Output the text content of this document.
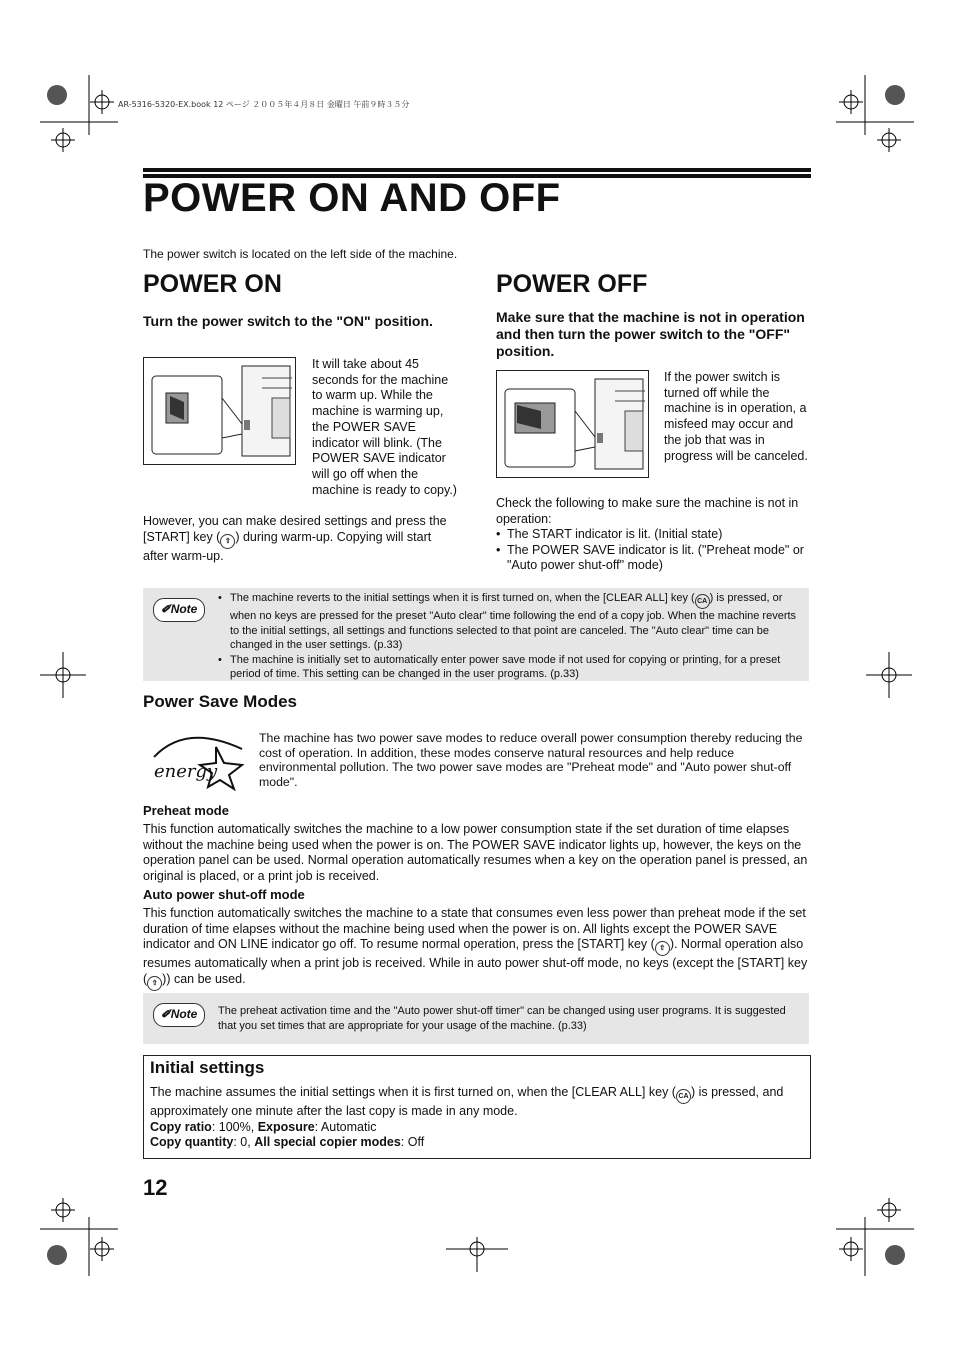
AR-5316-5320-EX.book 12 ページ ２００５年４月８日 金曜日 午前９時３５分
POWER ON AND OFF
The power switch is located on the left side of the machine.
POWER ON
Turn the power switch to the "ON" position.
It will take about 45 seconds for the machine to warm up. While the machine is warming up, the POWER SAVE indicator will blink. (The POWER SAVE indicator will go off when the machine is ready to copy.)
However, you can make desired settings and press the [START] key ( ⇧ ) during warm-up. Copying will start after warm-up.
POWER OFF
Make sure that the machine is not in operation and then turn the power switch to the "OFF" position.
If the power switch is turned off while the machine is in operation, a misfeed may occur and the job that was in progress will be canceled.
Check the following to make sure the machine is not in operation:
• The START indicator is lit. (Initial state)
• The POWER SAVE indicator is lit. ("Preheat mode" or "Auto power shut-off" mode)
✐Note
• The machine reverts to the initial settings when it is first turned on, when the [CLEAR ALL] key ( CA ) is pressed, or when no keys are pressed for the preset "Auto clear" time following the end of a copy job. When the machine reverts to the initial settings, all settings and functions selected to that point are canceled. The "Auto clear" time can be changed in the user settings. (p.33)
• The machine is initially set to automatically enter power save mode if not used for copying or printing, for a preset period of time. This setting can be changed in the user programs. (p.33)
Power Save Modes
energy
The machine has two power save modes to reduce overall power consumption thereby reducing the cost of operation. In addition, these modes conserve natural resources and help reduce environmental pollution. The two power save modes are "Preheat mode" and "Auto power shut-off mode".
Preheat mode
This function automatically switches the machine to a low power consumption state if the set duration of time elapses without the machine being used when the power is on. The POWER SAVE indicator lights up, however, the keys on the operation panel can be used. Normal operation automatically resumes when a key on the operation panel is pressed, an original is placed, or a print job is received.
Auto power shut-off mode
This function automatically switches the machine to a state that consumes even less power than preheat mode if the set duration of time elapses without the machine being used when the power is on. All lights except the POWER SAVE indicator and ON LINE indicator go off. To resume normal operation, press the [START] key ( ⇧ ). Normal operation also resumes automatically when a print job is received. While in auto power shut-off mode, no keys (except the [START] key ( ⇧ )) can be used.
✐Note	The preheat activation time and the "Auto power shut-off timer" can be changed using user programs. It is suggested that you set times that are appropriate for your usage of the machine. (p.33)
Initial settings
The machine assumes the initial settings when it is first turned on, when the [CLEAR ALL] key ( CA ) is pressed, and approximately one minute after the last copy is made in any mode.
Copy ratio: 100%, Exposure: Automatic
Copy quantity: 0, All special copier modes: Off
12
